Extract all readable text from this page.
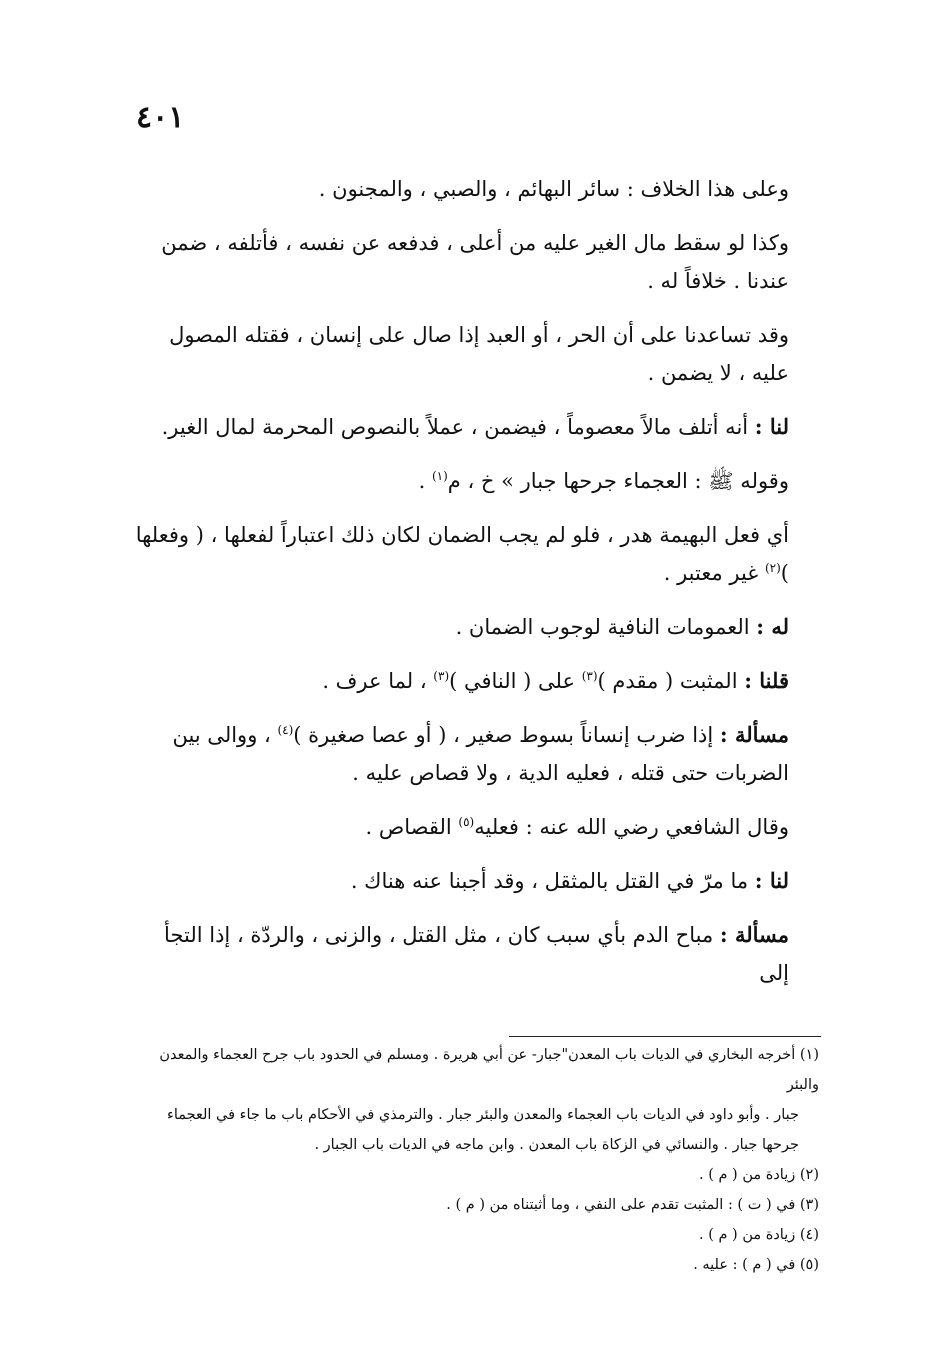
٤٠١

وعلى هذا الخلاف : سائر البهائم ، والصبي ، والمجنون .

وكذا لو سقط مال الغير عليه من أعلى ، فدفعه عن نفسه ، فأتلفه ، ضمن عندنا . خلافاً له .

وقد تساعدنا على أن الحر ، أو العبد إذا صال على إنسان ، فقتله المصول عليه ، لا يضمن .

لنا : أنه أتلف مالاً معصوماً ، فيضمن ، عملاً بالنصوص المحرمة لمال الغير.

وقوله ﷺ : العجماء جرحها جبار » خ ، م$^{(١)}$ .

أي فعل البهيمة هدر ، فلو لم يجب الضمان لكان ذلك اعتباراً لفعلها ، ( وفعلها )$^{(٢)}$ غير معتبر .

له : العمومات النافية لوجوب الضمان .

قلنا : المثبت ( مقدم )$^{(٣)}$ على ( النافي )$^{(٣)}$ ، لما عرف .

مسألة : إذا ضرب إنساناً بسوط صغير ، ( أو عصا صغيرة )$^{(٤)}$ ، ووالى بين الضربات حتى قتله ، فعليه الدية ، ولا قصاص عليه .

وقال الشافعي رضي الله عنه : فعليه$^{(٥)}$ القصاص .

لنا : ما مرّ في القتل بالمثقل ، وقد أجبنا عنه هناك .

مسألة : مباح الدم بأي سبب كان ، مثل القتل ، والزنى ، والردّة ، إذا التجأ إلى

(١) أخرجه البخاري في الديات باب المعدن"جبار- عن أبي هريرة . ومسلم في الحدود باب جرح العجماء والمعدن والبئر
جبار . وأبو داود في الديات باب العجماء والمعدن والبئر جبار . والترمذي في الأحكام باب ما جاء في العجماء
جرحها جبار . والنسائي في الزكاة باب المعدن . وابن ماجه في الديات باب الجبار .

(٢) زيادة من ( م ) .

(٣) في ( ت ) : المثبت تقدم على النفي ، وما أثبتناه من ( م ) .

(٤) زيادة من ( م ) .

(٥) في ( م ) : عليه .
